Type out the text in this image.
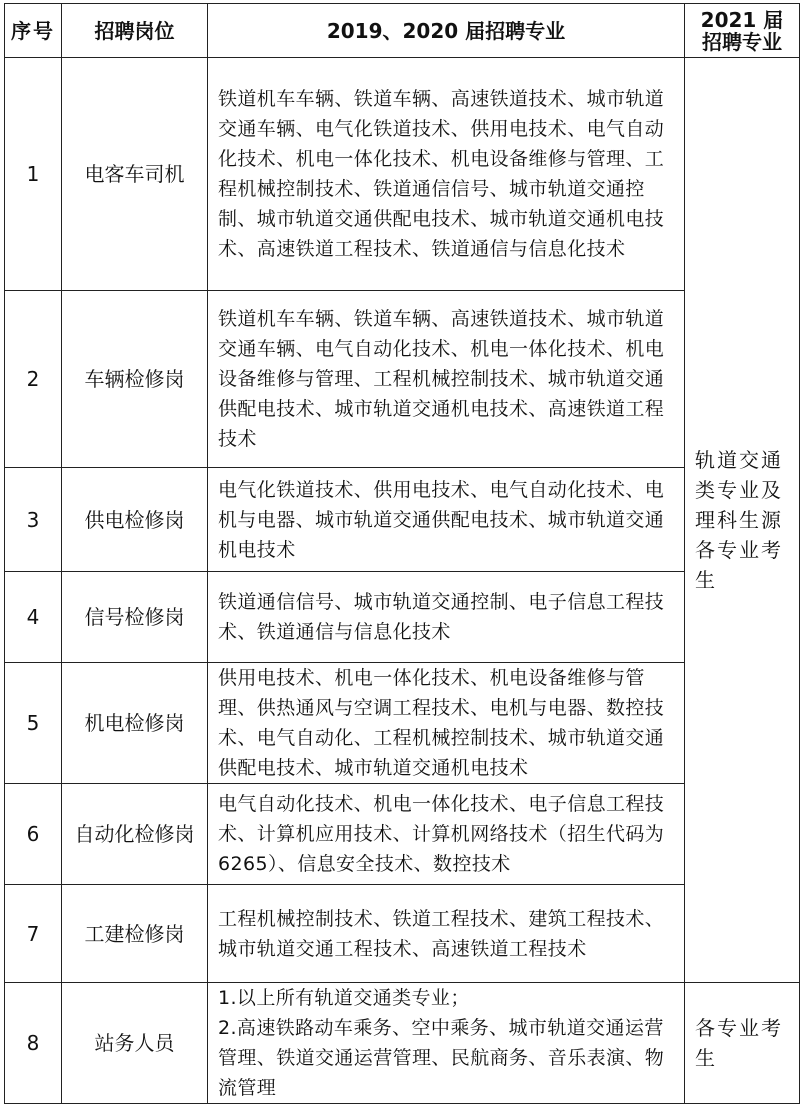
序号	招聘岗位	2019、2020 届招聘专业	2021 届
招聘专业

1	电客车司机	铁道机车车辆、铁道车辆、高速铁道技术、城市轨道交通车辆、电气化铁道技术、供用电技术、电气自动化技术、机电一体化技术、机电设备维修与管理、工程机械控制技术、铁道通信信号、城市轨道交通控制、城市轨道交通供配电技术、城市轨道交通机电技术、高速铁道工程技术、铁道通信与信息化技术	轨道交通类专业及理科生源各专业考生
2	车辆检修岗	铁道机车车辆、铁道车辆、高速铁道技术、城市轨道交通车辆、电气自动化技术、机电一体化技术、机电设备维修与管理、工程机械控制技术、城市轨道交通供配电技术、城市轨道交通机电技术、高速铁道工程技术	
3	供电检修岗	电气化铁道技术、供用电技术、电气自动化技术、电机与电器、城市轨道交通供配电技术、城市轨道交通机电技术	
4	信号检修岗	铁道通信信号、城市轨道交通控制、电子信息工程技术、铁道通信与信息化技术	
5	机电检修岗	供用电技术、机电一体化技术、机电设备维修与管理、供热通风与空调工程技术、电机与电器、数控技术、电气自动化、工程机械控制技术、城市轨道交通供配电技术、城市轨道交通机电技术	
6	自动化检修岗	电气自动化技术、机电一体化技术、电子信息工程技术、计算机应用技术、计算机网络技术（招生代码为 6265）、信息安全技术、数控技术	
7	工建检修岗	工程机械控制技术、铁道工程技术、建筑工程技术、城市轨道交通工程技术、高速铁道工程技术	
8	站务人员	1.以上所有轨道交通类专业；
2.高速铁路动车乘务、空中乘务、城市轨道交通运营管理、铁道交通运营管理、民航商务、音乐表演、物流管理	各专业考生
